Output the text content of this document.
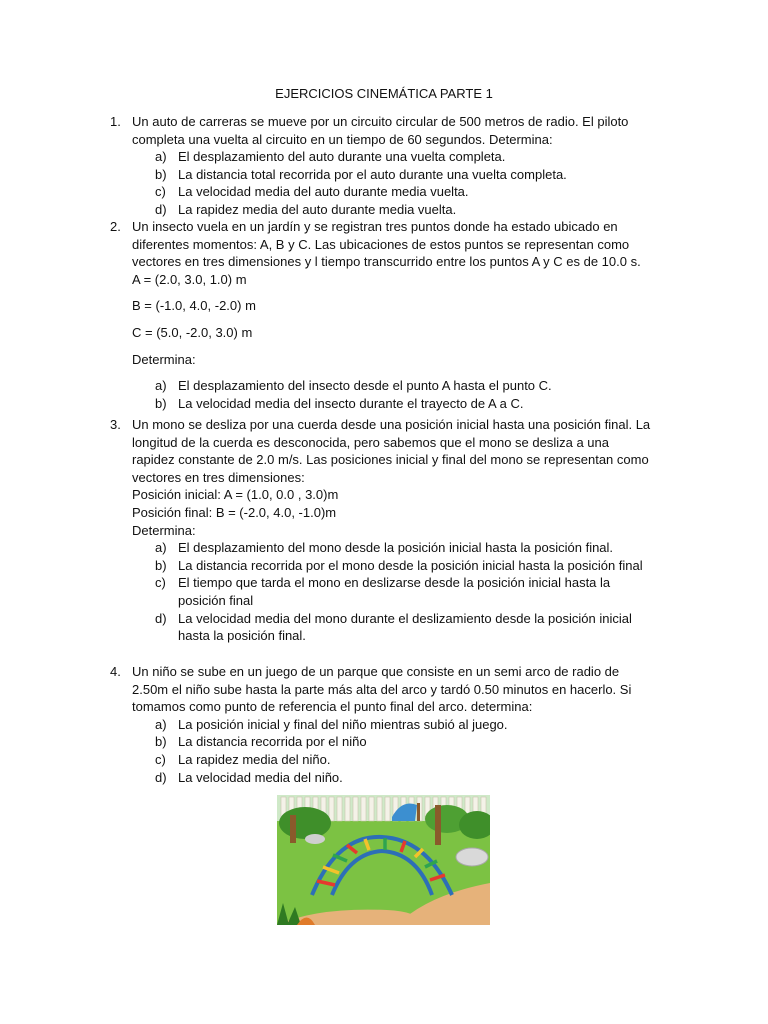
EJERCICIOS CINEMÁTICA PARTE 1
1. Un auto de carreras se mueve por un circuito circular de 500 metros de radio. El piloto completa una vuelta al circuito en un tiempo de 60 segundos. Determina:

a) El desplazamiento del auto durante una vuelta completa.
b) La distancia total recorrida por el auto durante una vuelta completa.
c) La velocidad media del auto durante media vuelta.
d) La rapidez media del auto durante media vuelta.
2. Un insecto vuela en un jardín y se registran tres puntos donde ha estado ubicado en diferentes momentos: A, B y C. Las ubicaciones de estos puntos se representan como vectores en tres dimensiones y l tiempo transcurrido entre los puntos A y C es de 10.0 s.

A = (2.0, 3.0, 1.0) m

B = (-1.0, 4.0, -2.0) m

C = (5.0, -2.0, 3.0) m

Determina:

a) El desplazamiento del insecto desde el punto A hasta el punto C.
b) La velocidad media del insecto durante el trayecto de A a C.
3. Un mono se desliza por una cuerda desde una posición inicial hasta una posición final. La longitud de la cuerda es desconocida, pero sabemos que el mono se desliza a una rapidez constante de 2.0 m/s. Las posiciones inicial y final del mono se representan como vectores en tres dimensiones:

Posición inicial: A = (1.0, 0.0 , 3.0)m

Posición final: B = (-2.0, 4.0, -1.0)m

Determina:

a) El desplazamiento del mono desde la posición inicial hasta la posición final.
b) La distancia recorrida por el mono desde la posición inicial hasta la posición final
c) El tiempo que tarda el mono en deslizarse desde la posición inicial hasta la posición final
d) La velocidad media del mono durante el deslizamiento desde la posición inicial hasta la posición final.
4. Un niño se sube en un juego de un parque que consiste en un semi arco de radio de 2.50m el niño sube hasta la parte más alta del arco y tardó 0.50 minutos en hacerlo. Si tomamos como punto de referencia el punto final del arco. determina:

a) La posición inicial y final del niño mientras subió al juego.
b) La distancia recorrida por el niño
c) La rapidez media del niño.
d) La velocidad media del niño.
